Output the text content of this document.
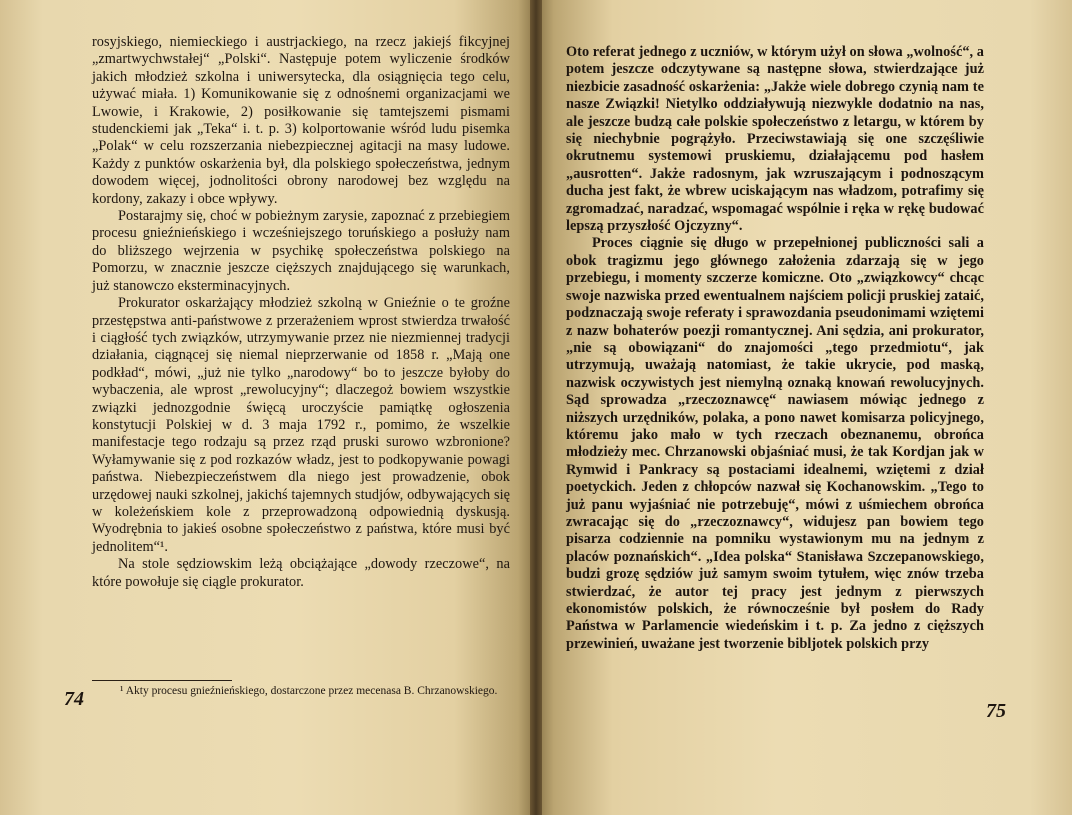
rosyjskiego, niemieckiego i austrjackiego, na rzecz jakiejś fikcyjnej „zmartwychwstałej“ „Polski“. Następuje potem wyliczenie środków jakich młodzież szkolna i uniwersytecka, dla osiągnięcia tego celu, używać miała. 1) Komunikowanie się z odnośnemi organizacjami we Lwowie, i Krakowie, 2) posiłkowanie się tamtejszemi pismami studenckiemi jak „Teka“ i. t. p. 3) kolportowanie wśród ludu pisemka „Polak“ w celu rozszerzania niebezpiecznej agitacji na masy ludowe. Każdy z punktów oskarżenia był, dla polskiego społeczeństwa, jednym dowodem więcej, jodnolitości obrony narodowej bez względu na kordony, zakazy i obce wpływy.

Postarajmy się, choć w pobieżnym zarysie, zapoznać z przebiegiem procesu gnieźnieńskiego i wcześniejszego toruńskiego a posłuży nam do bliższego wejrzenia w psychikę społeczeństwa polskiego na Pomorzu, w znacznie jeszcze cięższych znajdującego się warunkach, już stanowczo eksterminacyjnych.

Prokurator oskarżający młodzież szkolną w Gnieźnie o te groźne przestępstwa anti-państwowe z przerażeniem wprost stwierdza trwałość i ciągłość tych związków, utrzymywanie przez nie niezmiennej tradycji działania, ciągnącej się niemal nieprzerwanie od 1858 r. „Mają one podkład“, mówi, „już nie tylko „narodowy“ bo to jeszcze byłoby do wybaczenia, ale wprost „rewolucyjny“; dlaczegoż bowiem wszystkie związki jednozgodnie święcą uroczyście pamiątkę ogłoszenia konstytucji Polskiej w d. 3 maja 1792 r., pomimo, że wszelkie manifestacje tego rodzaju są przez rząd pruski surowo wzbronione? Wyłamywanie się z pod rozkazów władz, jest to podkopywanie powagi państwa. Niebezpieczeństwem dla niego jest prowadzenie, obok urzędowej nauki szkolnej, jakichś tajemnych studjów, odbywających się w koleżeńskiem kole z przeprowadzoną odpowiednią dyskusją. Wyodrębnia to jakieś osobne społeczeństwo z państwa, które musi być jednolitem“¹.

Na stole sędziowskim leżą obciążające „dowody rzeczowe“, na które powołuje się ciągle prokurator.

¹ Akty procesu gnieźnieńskiego, dostarczone przez mecenasa B. Chrzanowskiego.

74

Oto referat jednego z uczniów, w którym użył on słowa „wolność“, a potem jeszcze odczytywane są następne słowa, stwierdzające już niezbicie zasadność oskarżenia: „Jakże wiele dobrego czynią nam te nasze Związki! Nietylko oddziaływują niezwykle dodatnio na nas, ale jeszcze budzą całe polskie społeczeństwo z letargu, w którem by się niechybnie pogrążyło. Przeciwstawiają się one szczęśliwie okrutnemu systemowi pruskiemu, działającemu pod hasłem „ausrotten“. Jakże radosnym, jak wzruszającym i podnoszącym ducha jest fakt, że wbrew uciskającym nas władzom, potrafimy się zgromadzać, naradzać, wspomagać wspólnie i ręka w rękę budować lepszą przyszłość Ojczyzny“.

Proces ciągnie się długo w przepełnionej publiczności sali a obok tragizmu jego głównego założenia zdarzają się w jego przebiegu, i momenty szczerze komiczne. Oto „związkowcy“ chcąc swoje nazwiska przed ewentualnem najściem policji pruskiej zataić, podznaczają swoje referaty i sprawozdania pseudonimami wziętemi z nazw bohaterów poezji romantycznej. Ani sędzia, ani prokurator, „nie są obowiązani“ do znajomości „tego przedmiotu“, jak utrzymują, uważają natomiast, że takie ukrycie, pod maską, nazwisk oczywistych jest niemylną oznaką knowań rewolucyjnych. Sąd sprowadza „rzeczoznawcę“ nawiasem mówiąc jednego z niższych urzędników, polaka, a pono nawet komisarza policyjnego, któremu jako mało w tych rzeczach obeznanemu, obrońca młodzieży mec. Chrzanowski objaśniać musi, że tak Kordjan jak w Rymwid i Pankracy są postaciami idealnemi, wziętemi z dział poetyckich. Jeden z chłopców nazwał się Kochanowskim. „Tego to już panu wyjaśniać nie potrzebuję“, mówi z uśmiechem obrońca zwracając się do „rzeczoznawcy“, widujesz pan bowiem tego pisarza codziennie na pomniku wystawionym mu na jednym z placów poznańskich“. „Idea polska“ Stanisława Szczepanowskiego, budzi grozę sędziów już samym swoim tytułem, więc znów trzeba stwierdzać, że autor tej pracy jest jednym z pierwszych ekonomistów polskich, że równocześnie był posłem do Rady Państwa w Parlamencie wiedeńskim i t. p. Za jedno z cięższych przewinień, uważane jest tworzenie bibljotek polskich przy

75
